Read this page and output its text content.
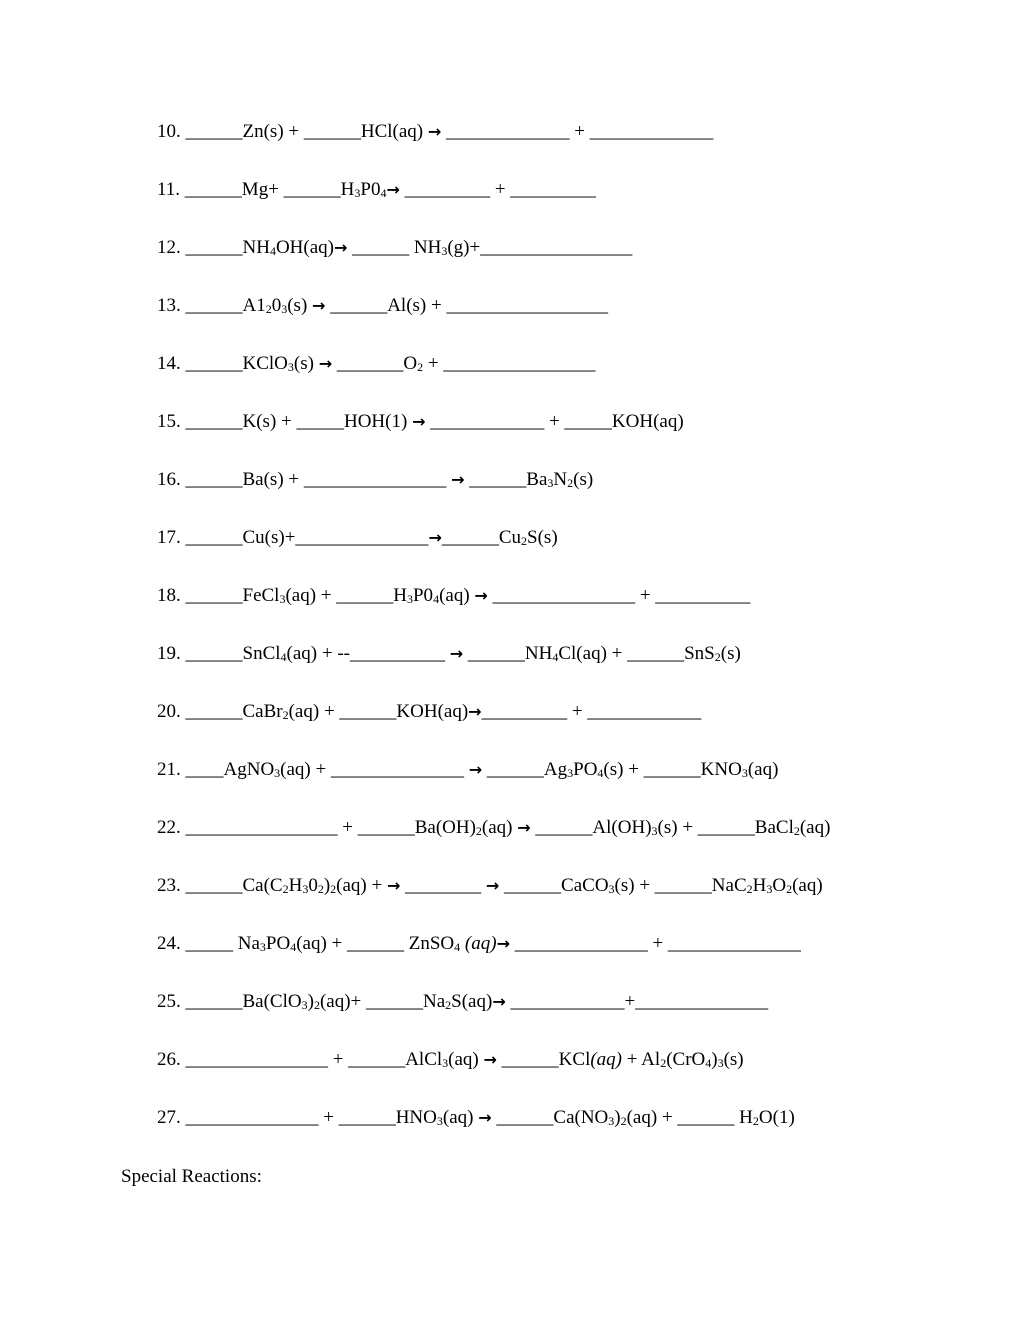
10. ______Zn(s) + ______HCl(aq) → _____________ + _____________
11. ______Mg+ $\_\_\_\_\_\_H_3P0_4\to$ _________ + _________
12. $\_\_\_\_\_\_NH_4OH(aq)\to$ ______ $NH_3(g)+\_\_\_\_\_\_\_\_\_\_\_\_\_\_\_\_$
13. $\_\_\_\_\_\_A1_20_3(s)$ → ______Al(s) + _________________
14. ______KClO$_3$(s) → $\_\_\_\_\_\_\_O_2$ + ________________
15. ______K(s) + _____HOH(1) → ____________ + _____KOH(aq)
16. ______Ba(s) + _______________ → $\_\_\_\_\_\_Ba_3N_2(s)$
17. $\_\_\_\_\_\_Cu(s)+\_\_\_\_\_\_\_\_\_\_\_\_\_\_\to\_\_\_\_\_\_Cu_2S(s)$
18. ______FeCl$_3$(aq) + $\_\_\_\_\_\_H_3P0_4(aq)$ → _______________ + __________
19. ______SnCl$_4$(aq) + --__________ → $\_\_\_\_\_\_NH_4Cl(aq)$ + ______SnS$_2$(s)
20. ______CaBr$_2$(aq) + ______KOH(aq)→_________ + ____________
21. ____AgNO$_3$(aq) + ______________ → $\_\_\_\_\_\_Ag_3PO_4(s)$ + $\_\_\_\_\_\_KNO_3(aq)$
22. ________________ + $\_\_\_\_\_\_Ba(OH)_2(aq)$ → $\_\_\_\_\_\_Al(OH)_3(s)$ + ______BaCl$_2$(aq)
23. $\_\_\_\_\_\_Ca(C_2H_30_2)_2(aq)$ + → ________ → ______CaCO$_3$(s) + $\_\_\_\_\_\_NaC_2H_3O_2(aq)$
24. _____ $Na_3PO_4(aq)$ + ______ ZnSO$_4$ (aq)→ ______________ + ______________
25. $\_\_\_\_\_\_Ba(ClO_3)_2(aq)+$ $\_\_\_\_\_\_Na_2S(aq)\to$ ____________+______________
26. _______________ + ______AlCl$_3$(aq) → ______KCl(aq) + $Al_2(CrO_4)_3(s)$
27. ______________ + $\_\_\_\_\_\_HNO_3(aq)$ → $\_\_\_\_\_\_Ca(NO_3)_2(aq)$ + ______ $H_2O(1)$
Special Reactions:
